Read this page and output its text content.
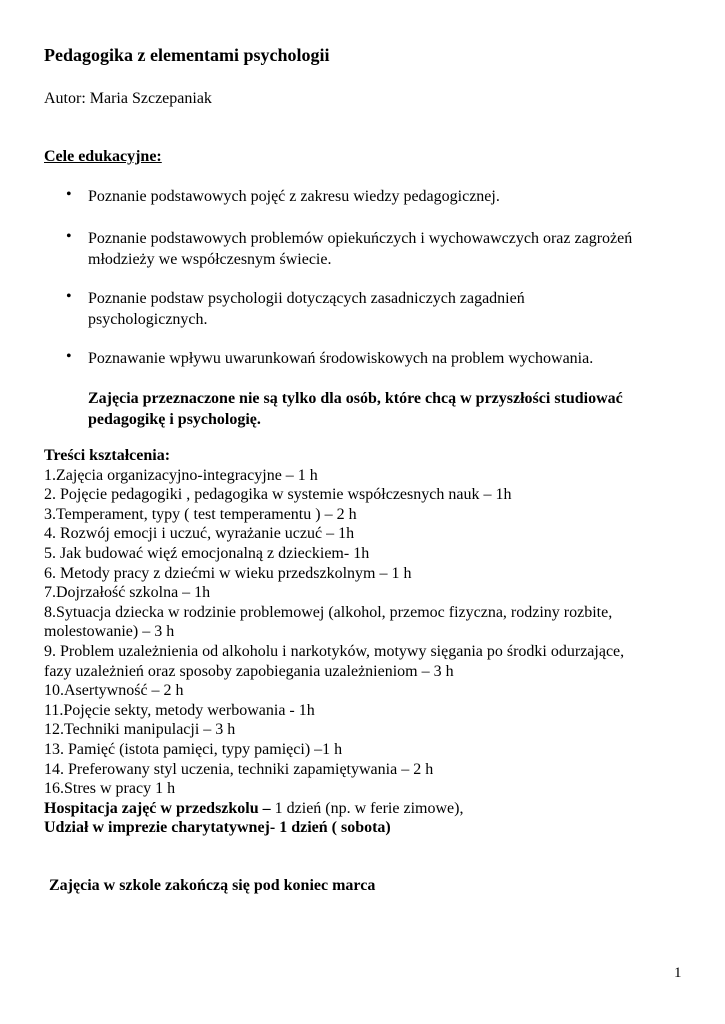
Pedagogika z elementami psychologii
Autor: Maria Szczepaniak
Cele edukacyjne:
• Poznanie podstawowych pojęć z zakresu wiedzy pedagogicznej.
• Poznanie podstawowych problemów opiekuńczych i wychowawczych oraz zagrożeń
młodzieży we współczesnym świecie.
• Poznanie podstaw psychologii dotyczących zasadniczych zagadnień
psychologicznych.
• Poznawanie wpływu uwarunkowań środowiskowych na problem wychowania.
Zajęcia przeznaczone nie są tylko dla osób, które chcą w przyszłości studiować
pedagogikę i psychologię.
Treści kształcenia:
1.Zajęcia organizacyjno-integracyjne – 1 h
2. Pojęcie pedagogiki , pedagogika w systemie współczesnych nauk – 1h
3.Temperament, typy ( test temperamentu ) – 2 h
4. Rozwój emocji i uczuć, wyrażanie uczuć – 1h
5. Jak budować więź emocjonalną z dzieckiem- 1h
6. Metody pracy z dziećmi w wieku przedszkolnym – 1 h
7.Dojrzałość szkolna – 1h
8.Sytuacja dziecka w rodzinie problemowej (alkohol, przemoc fizyczna, rodziny rozbite,
molestowanie) – 3 h
9. Problem uzależnienia od alkoholu i narkotyków, motywy sięgania po środki odurzające,
fazy uzależnień oraz sposoby zapobiegania uzależnieniom – 3 h
10.Asertywność – 2 h
11.Pojęcie sekty, metody werbowania - 1h
12.Techniki manipulacji – 3 h
13. Pamięć (istota pamięci, typy pamięci) –1 h
14. Preferowany styl uczenia, techniki zapamiętywania – 2 h
16.Stres w pracy 1 h
Hospitacja zajęć w przedszkolu – 1 dzień (np. w ferie zimowe),
Udział w imprezie charytatywnej- 1 dzień ( sobota)
Zajęcia w szkole zakończą się pod koniec marca
1
